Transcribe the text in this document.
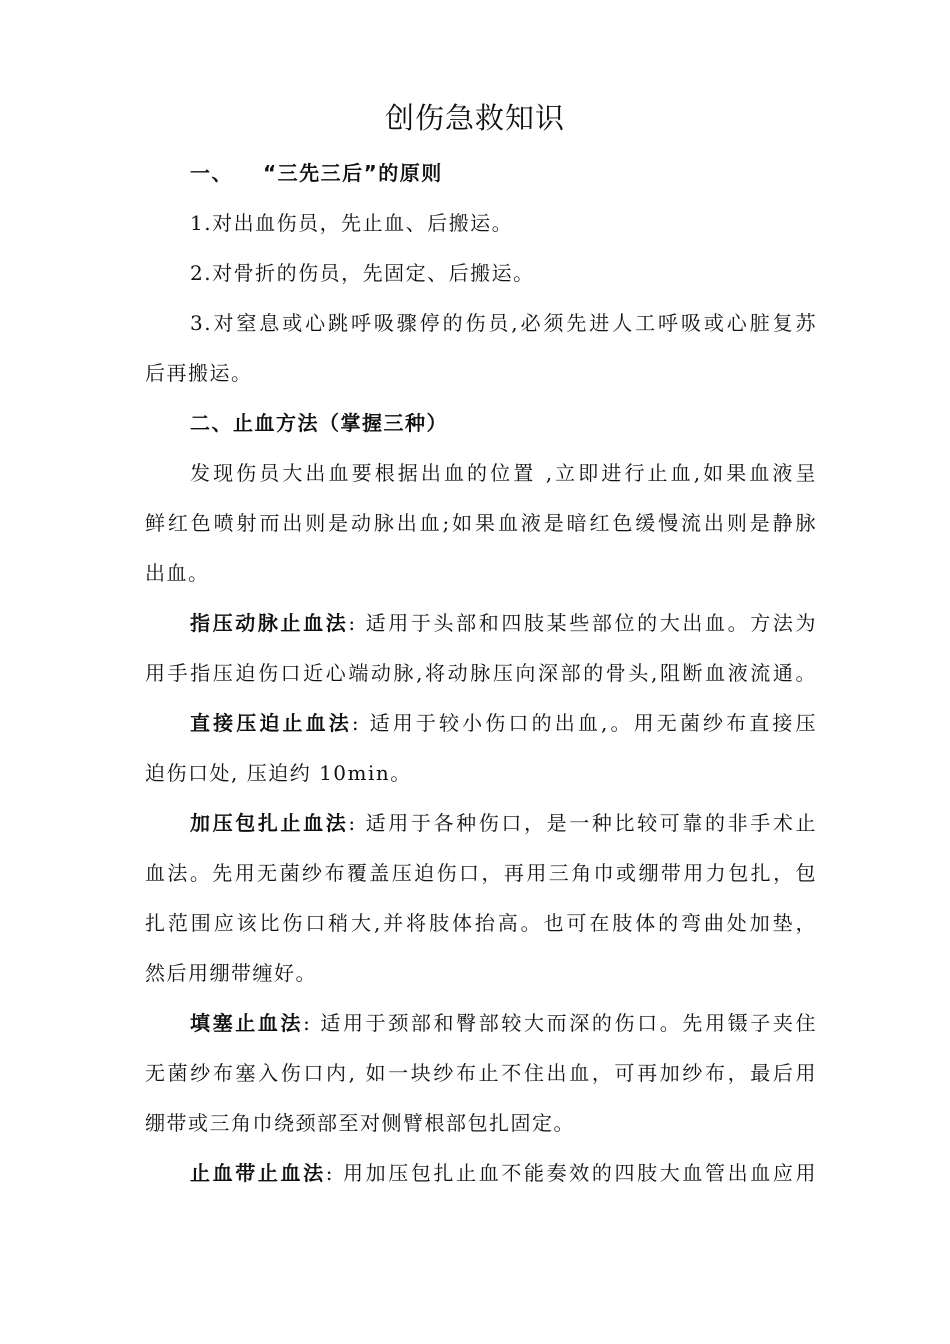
创伤急救知识
一、 “三先三后”的原则
1.对出血伤员，先止血、后搬运。
2.对骨折的伤员，先固定、后搬运。
3.对窒息或心跳呼吸骤停的伤员,必须先进人工呼吸或心脏复苏
后再搬运。
二、止血方法（掌握三种）
发现伤员大出血要根据出血的位置 ,立即进行止血,如果血液呈
鲜红色喷射而出则是动脉出血;如果血液是暗红色缓慢流出则是静脉
出血。
指压动脉止血法: 适用于头部和四肢某些部位的大出血。方法为
用手指压迫伤口近心端动脉,将动脉压向深部的骨头,阻断血液流通。
直接压迫止血法: 适用于较小伤口的出血,。用无菌纱布直接压
迫伤口处, 压迫约 10min。
加压包扎止血法: 适用于各种伤口，是一种比较可靠的非手术止
血法。先用无菌纱布覆盖压迫伤口，再用三角巾或绷带用力包扎，包
扎范围应该比伤口稍大,并将肢体抬高。也可在肢体的弯曲处加垫，
然后用绷带缠好。
填塞止血法: 适用于颈部和臀部较大而深的伤口。先用镊子夹住
无菌纱布塞入伤口内, 如一块纱布止不住出血，可再加纱布，最后用
绷带或三角巾绕颈部至对侧臂根部包扎固定。
止血带止血法: 用加压包扎止血不能奏效的四肢大血管出血应用
